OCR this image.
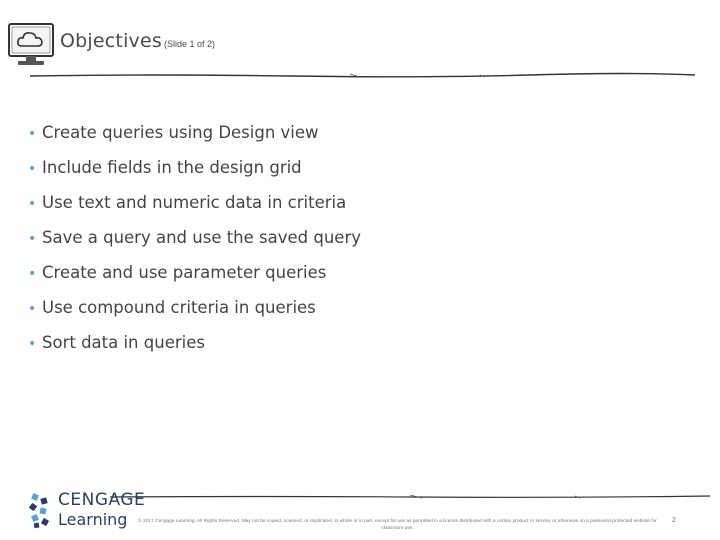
Objectives (Slide 1 of 2)
• Create queries using Design view
• Include fields in the design grid
• Use text and numeric data in criteria
• Save a query and use the saved query
• Create and use parameter queries
• Use compound criteria in queries
• Sort data in queries
CENGAGE
Learning	© 2017 Cengage Learning. All Rights Reserved. May not be copied, scanned, or duplicated, in whole or in part, except for use as permitted in a license distributed with a certain product or service or otherwise on a password-protected website for classroom use.
2
